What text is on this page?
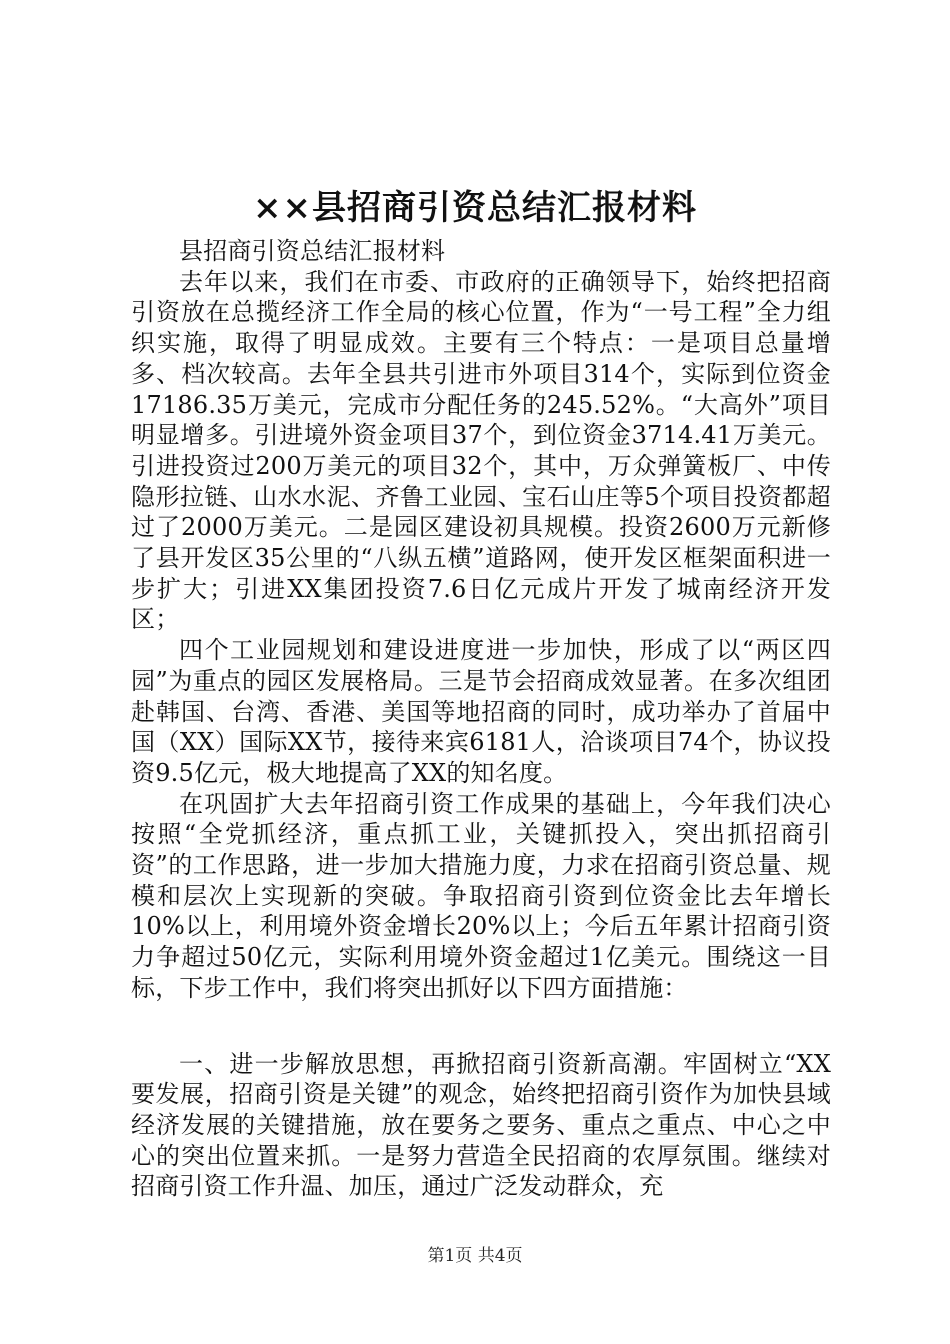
××县招商引资总结汇报材料

县招商引资总结汇报材料

去年以来，我们在市委、市政府的正确领导下，始终把招商引资放在总揽经济工作全局的核心位置，作为“一号工程”全力组织实施，取得了明显成效。主要有三个特点：一是项目总量增多、档次较高。去年全县共引进市外项目314个，实际到位资金17186.35万美元，完成市分配任务的245.52%。“大高外”项目明显增多。引进境外资金项目37个，到位资金3714.41万美元。引进投资过200万美元的项目32个，其中，万众弹簧板厂、中传隐形拉链、山水水泥、齐鲁工业园、宝石山庄等5个项目投资都超过了2000万美元。二是园区建设初具规模。投资2600万元新修了县开发区35公里的“八纵五横”道路网，使开发区框架面积进一步扩大；引进XX集团投资7.6日亿元成片开发了城南经济开发区；

四个工业园规划和建设进度进一步加快，形成了以“两区四园”为重点的园区发展格局。三是节会招商成效显著。在多次组团赴韩国、台湾、香港、美国等地招商的同时，成功举办了首届中国（XX）国际XX节，接待来宾6181人，洽谈项目74个，协议投资9.5亿元，极大地提高了XX的知名度。

在巩固扩大去年招商引资工作成果的基础上，今年我们决心按照“全党抓经济，重点抓工业，关键抓投入，突出抓招商引资”的工作思路，进一步加大措施力度，力求在招商引资总量、规模和层次上实现新的突破。争取招商引资到位资金比去年增长10%以上，利用境外资金增长20%以上；今后五年累计招商引资力争超过50亿元，实际利用境外资金超过1亿美元。围绕这一目标，下步工作中，我们将突出抓好以下四方面措施：

一、进一步解放思想，再掀招商引资新高潮。牢固树立“XX要发展，招商引资是关键”的观念，始终把招商引资作为加快县域经济发展的关键措施，放在要务之要务、重点之重点、中心之中心的突出位置来抓。一是努力营造全民招商的农厚氛围。继续对招商引资工作升温、加压，通过广泛发动群众，充

第1页 共4页
